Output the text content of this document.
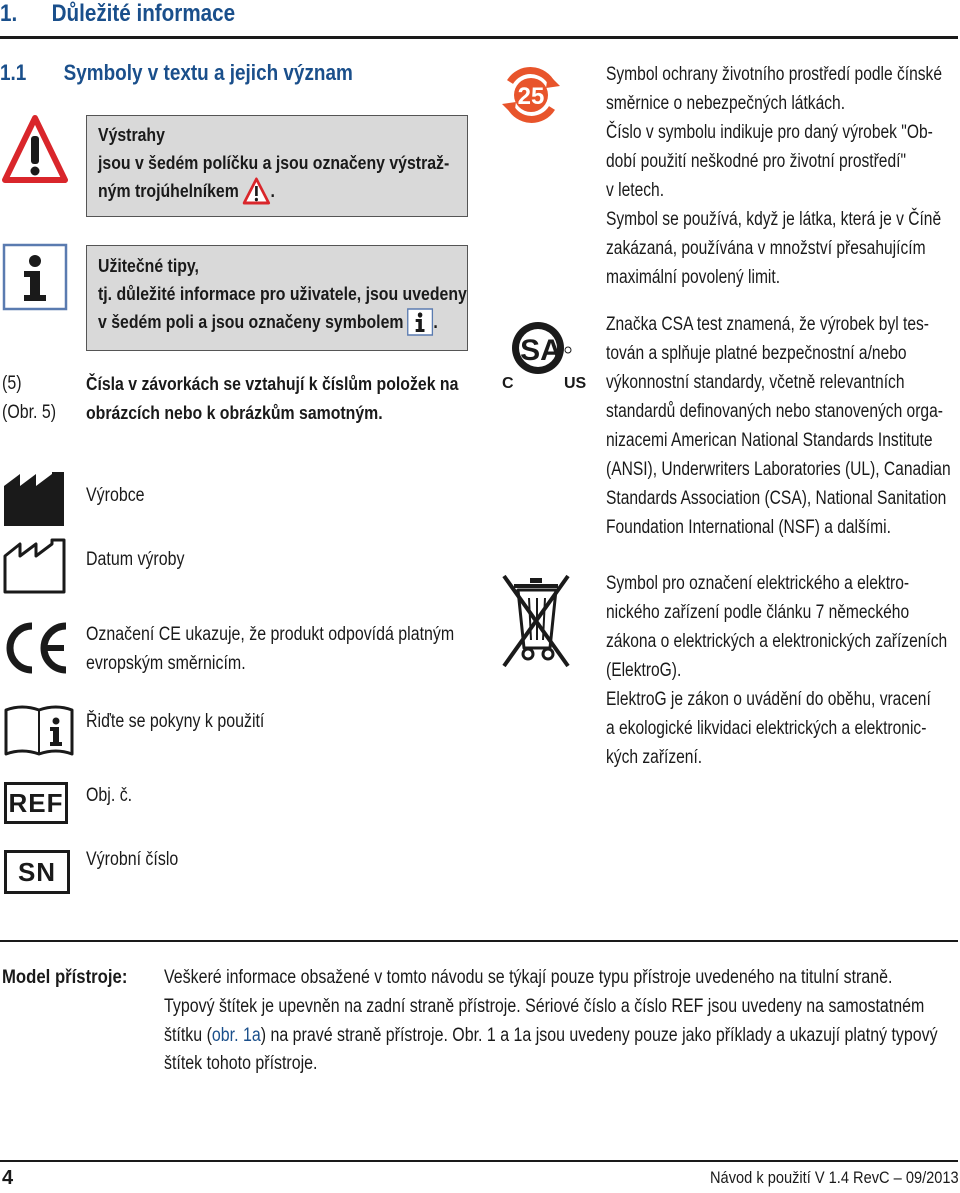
1. Důležité informace
1.1 Symboly v textu a jejich význam
Výstrahy
jsou v šedém políčku a jsou označeny výstraž-
ným trojúhelníkem .
Užitečné tipy,
tj. důležité informace pro uživatele, jsou uvedeny
v šedém poli a jsou označeny symbolem .
(5)
(Obr. 5)
Čísla v závorkách se vztahují k číslům položek na
obrázcích nebo k obrázkům samotným.
Výrobce
Datum výroby
Označení CE ukazuje, že produkt odpovídá platným
evropským směrnicím.
Řiďte se pokyny k použití
REF Obj. č.
SN Výrobní číslo
25
Symbol ochrany životního prostředí podle čínské
směrnice o nebezpečných látkách.
Číslo v symbolu indikuje pro daný výrobek "Ob-
dobí použití neškodné pro životní prostředí"
v letech.
Symbol se používá, když je látka, která je v Číně
zakázaná, používána v množství přesahujícím
maximální povolený limit.
SA
C	US
Značka CSA test znamená, že výrobek byl tes-
tován a splňuje platné bezpečnostní a/nebo
výkonnostní standardy, včetně relevantních
standardů definovaných nebo stanovených orga-
nizacemi American National Standards Institute
(ANSI), Underwriters Laboratories (UL), Canadian
Standards Association (CSA), National Sanitation
Foundation International (NSF) a dalšími.
Symbol pro označení elektrického a elektro-
nického zařízení podle článku 7 německého
zákona o elektrických a elektronických zařízeních
(ElektroG).
ElektroG je zákon o uvádění do oběhu, vracení
a ekologické likvidaci elektrických a elektronic-
kých zařízení.
Model přístroje: Veškeré informace obsažené v tomto návodu se týkají pouze typu přístroje uvedeného na titulní straně.
Typový štítek je upevněn na zadní straně přístroje. Sériové číslo a číslo REF jsou uvedeny na samostatném
štítku (obr. 1a) na pravé straně přístroje. Obr. 1 a 1a jsou uvedeny pouze jako příklady a ukazují platný typový
štítek tohoto přístroje.
4	Návod k použití V 1.4 RevC – 09/2013
